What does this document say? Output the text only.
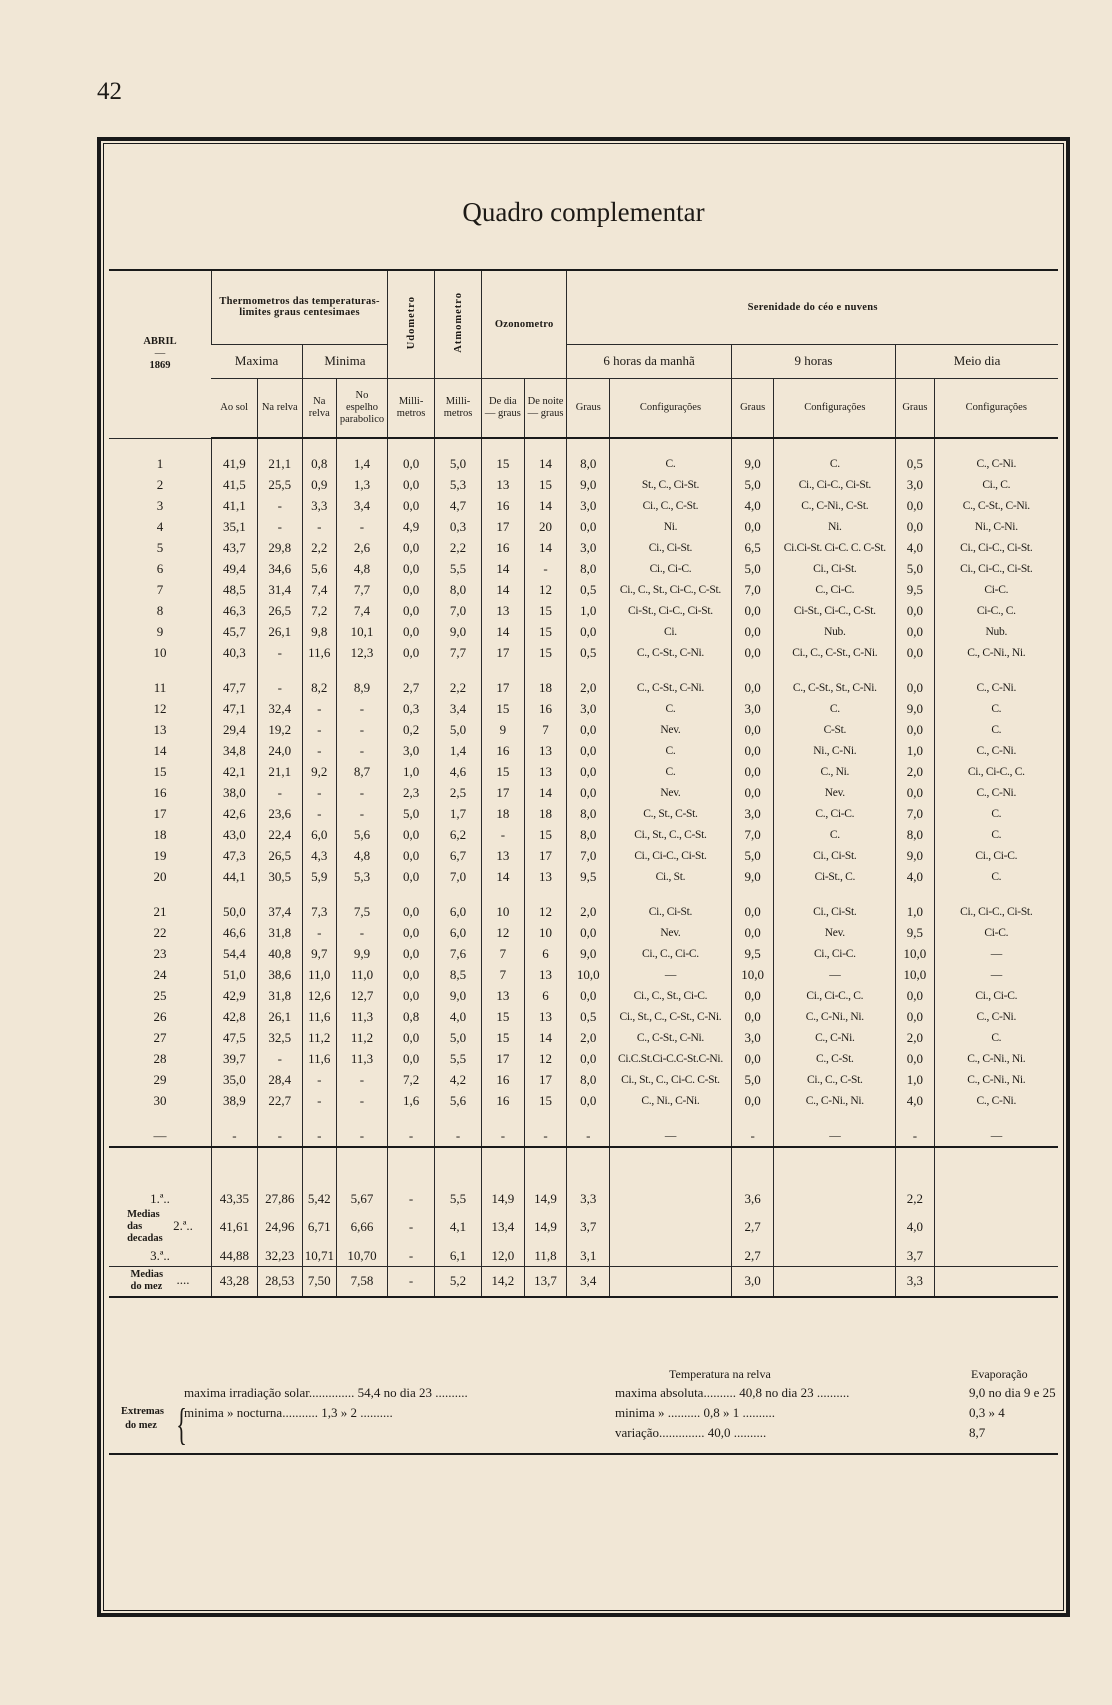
42
Quadro complementar
ABRIL
—
1869	Thermometros das temperaturas-limites graus centesimaes				Udometro	Atmometro	Ozonometro		Serenidade do céo e nuvens					
	Maxima		Minima						6 horas da manhã		9 horas		Meio dia	
	Ao sol	Na relva	Na relva	No espelho parabolico	Milli-metros	Milli-metros	De dia — graus	De noite — graus	Graus	Configurações	Graus	Configurações	Graus	Configurações

1	41,9	21,1	0,8	1,4	0,0	5,0	15	14	8,0	C.	9,0	C.	0,5	C., C-Ni.
2	41,5	25,5	0,9	1,3	0,0	5,3	13	15	9,0	St., C., Ci-St.	5,0	Ci., Ci-C., Ci-St.	3,0	Ci., C.
3	41,1	-	3,3	3,4	0,0	4,7	16	14	3,0	Ci., C., C-St.	4,0	C., C-Ni., C-St.	0,0	C., C-St., C-Ni.
4	35,1	-	-	-	4,9	0,3	17	20	0,0	Ni.	0,0	Ni.	0,0	Ni., C-Ni.
5	43,7	29,8	2,2	2,6	0,0	2,2	16	14	3,0	Ci., Ci-St.	6,5	Ci.Ci-St. Ci-C. C. C-St.	4,0	Ci., Ci-C., Ci-St.
6	49,4	34,6	5,6	4,8	0,0	5,5	14	-	8,0	Ci., Ci-C.	5,0	Ci., Ci-St.	5,0	Ci., Ci-C., Ci-St.
7	48,5	31,4	7,4	7,7	0,0	8,0	14	12	0,5	Ci., C., St., Ci-C., C-St.	7,0	C., Ci-C.	9,5	Ci-C.
8	46,3	26,5	7,2	7,4	0,0	7,0	13	15	1,0	Ci-St., Ci-C., Ci-St.	0,0	Ci-St., Ci-C., C-St.	0,0	Ci-C., C.
9	45,7	26,1	9,8	10,1	0,0	9,0	14	15	0,0	Ci.	0,0	Nub.	0,0	Nub.
10	40,3	-	11,6	12,3	0,0	7,7	17	15	0,5	C., C-St., C-Ni.	0,0	Ci., C., C-St., C-Ni.	0,0	C., C-Ni., Ni.

11	47,7	-	8,2	8,9	2,7	2,2	17	18	2,0	C., C-St., C-Ni.	0,0	C., C-St., St., C-Ni.	0,0	C., C-Ni.
12	47,1	32,4	-	-	0,3	3,4	15	16	3,0	C.	3,0	C.	9,0	C.
13	29,4	19,2	-	-	0,2	5,0	9	7	0,0	Nev.	0,0	C-St.	0,0	C.
14	34,8	24,0	-	-	3,0	1,4	16	13	0,0	C.	0,0	Ni., C-Ni.	1,0	C., C-Ni.
15	42,1	21,1	9,2	8,7	1,0	4,6	15	13	0,0	C.	0,0	C., Ni.	2,0	Ci., Ci-C., C.
16	38,0	-	-	-	2,3	2,5	17	14	0,0	Nev.	0,0	Nev.	0,0	C., C-Ni.
17	42,6	23,6	-	-	5,0	1,7	18	18	8,0	C., St., C-St.	3,0	C., Ci-C.	7,0	C.
18	43,0	22,4	6,0	5,6	0,0	6,2	-	15	8,0	Ci., St., C., C-St.	7,0	C.	8,0	C.
19	47,3	26,5	4,3	4,8	0,0	6,7	13	17	7,0	Ci., Ci-C., Ci-St.	5,0	Ci., Ci-St.	9,0	Ci., Ci-C.
20	44,1	30,5	5,9	5,3	0,0	7,0	14	13	9,5	Ci., St.	9,0	Ci-St., C.	4,0	C.

21	50,0	37,4	7,3	7,5	0,0	6,0	10	12	2,0	Ci., Ci-St.	0,0	Ci., Ci-St.	1,0	Ci., Ci-C., Ci-St.
22	46,6	31,8	-	-	0,0	6,0	12	10	0,0	Nev.	0,0	Nev.	9,5	Ci-C.
23	54,4	40,8	9,7	9,9	0,0	7,6	7	6	9,0	Ci., C., Ci-C.	9,5	Ci., Ci-C.	10,0	—
24	51,0	38,6	11,0	11,0	0,0	8,5	7	13	10,0	—	10,0	—	10,0	—
25	42,9	31,8	12,6	12,7	0,0	9,0	13	6	0,0	Ci., C., St., Ci-C.	0,0	Ci., Ci-C., C.	0,0	Ci., Ci-C.
26	42,8	26,1	11,6	11,3	0,8	4,0	15	13	0,5	Ci., St., C., C-St., C-Ni.	0,0	C., C-Ni., Ni.	0,0	C., C-Ni.
27	47,5	32,5	11,2	11,2	0,0	5,0	15	14	2,0	C., C-St., C-Ni.	3,0	C., C-Ni.	2,0	C.
28	39,7	-	11,6	11,3	0,0	5,5	17	12	0,0	Ci.C.St.Ci-C.C-St.C-Ni.	0,0	C., C-St.	0,0	C., C-Ni., Ni.
29	35,0	28,4	-	-	7,2	4,2	16	17	8,0	Ci., St., C., Ci-C. C-St.	5,0	Ci., C., C-St.	1,0	C., C-Ni., Ni.
30	38,9	22,7	-	-	1,6	5,6	16	15	0,0	C., Ni., C-Ni.	0,0	C., C-Ni., Ni.	4,0	C., C-Ni.

—	-	-	-	-	-	-	-	-	-	—	-	—	-	—

1.ª..	43,35	27,86	5,42	5,67	-	5,5	14,9	14,9	3,3		3,6		2,2	
Medias das decadas2.ª..	41,61	24,96	6,71	6,66	-	4,1	13,4	14,9	3,7		2,7		4,0	
3.ª..	44,88	32,23	10,71	10,70	-	6,1	12,0	11,8	3,1		2,7		3,7	
Medias do mez ....	43,28	28,53	7,50	7,58	-	5,2	14,2	13,7	3,4		3,0		3,3	
Temperatura na relva	Evaporação
Extremas do mez {
maxima irradiação solar.............. 54,4 no dia 23 ..........
minima » nocturna........... 1,3 » 2 ..........
maxima absoluta.......... 40,8 no dia 23 ..........
minima » .......... 0,8 » 1 ..........
variação.............. 40,0 ..........
9,0 no dia 9 e 25
0,3 » 4
8,7
